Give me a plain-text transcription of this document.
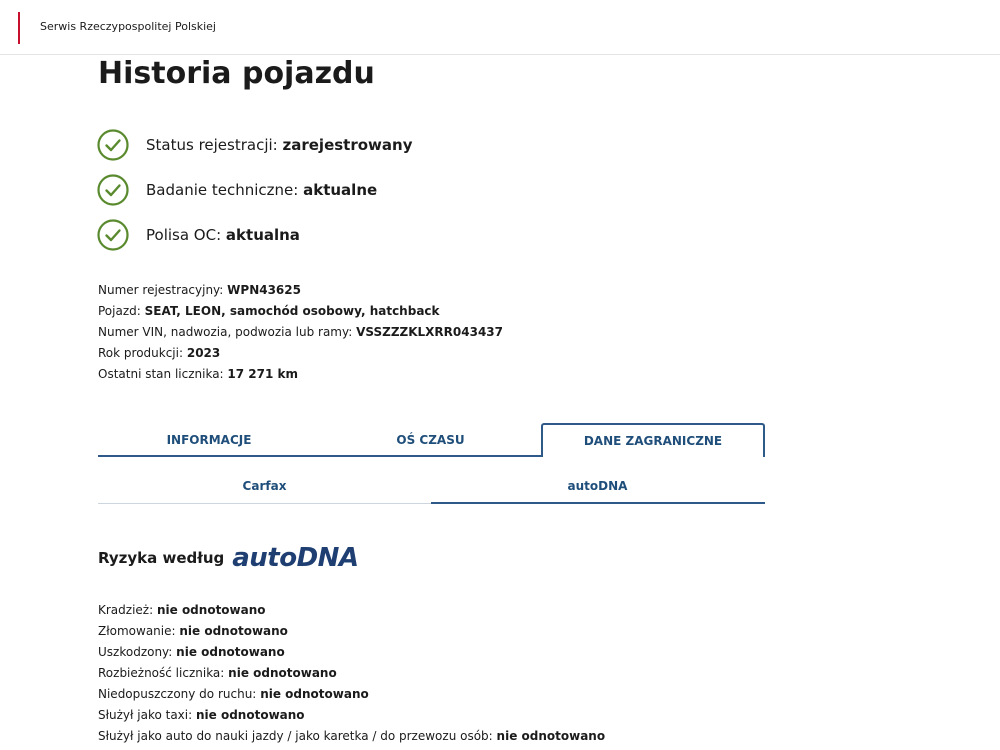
Serwis Rzeczypospolitej Polskiej
Historia pojazdu
Status rejestracji: zarejestrowany
Badanie techniczne: aktualne
Polisa OC: aktualna
Numer rejestracyjny: WPN43625
Pojazd: SEAT, LEON, samochód osobowy, hatchback
Numer VIN, nadwozia, podwozia lub ramy: VSSZZZKLXRR043437
Rok produkcji: 2023
Ostatni stan licznika: 17 271 km
INFORMACJE	OŚ CZASU	DANE ZAGRANICZNE
Carfax	autoDNA
Ryzyka według autoDNA
Kradzież: nie odnotowano
Złomowanie: nie odnotowano
Uszkodzony: nie odnotowano
Rozbieżność licznika: nie odnotowano
Niedopuszczony do ruchu: nie odnotowano
Służył jako taxi: nie odnotowano
Służył jako auto do nauki jazdy / jako karetka / do przewozu osób: nie odnotowano
